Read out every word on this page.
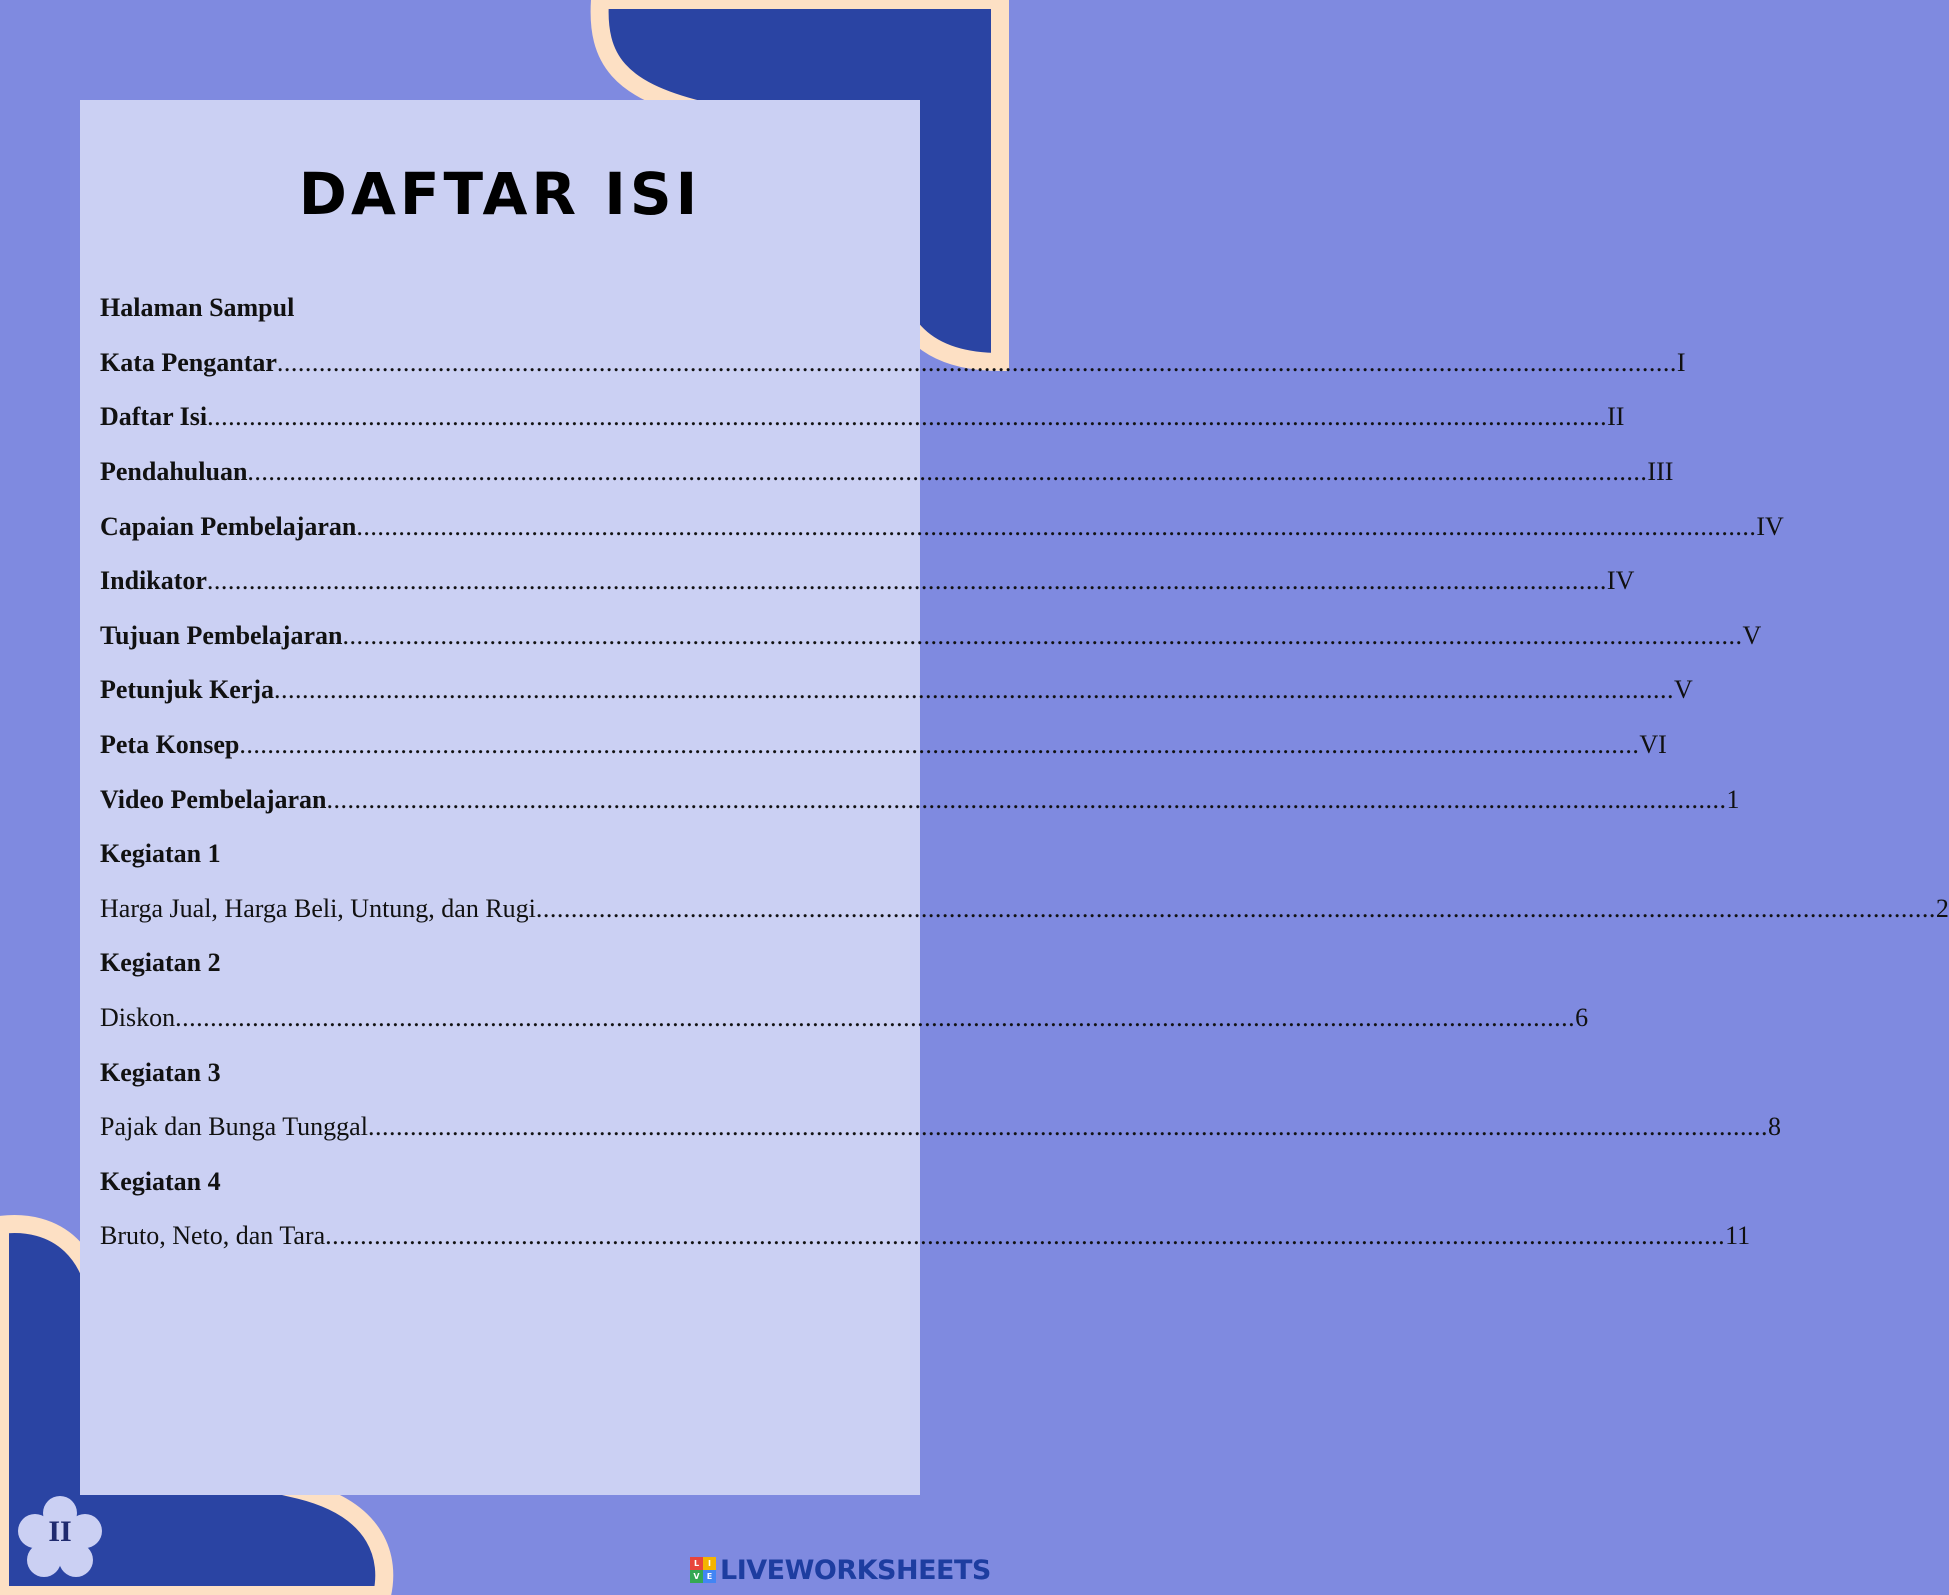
DAFTAR ISI
Halaman Sampul
Kata Pengantar ........................................................................................................................................................................................................ I
Daftar Isi ........................................................................................................................................................................................................ II
Pendahuluan ........................................................................................................................................................................................................ III
Capaian Pembelajaran ........................................................................................................................................................................................................ IV
Indikator ........................................................................................................................................................................................................ IV
Tujuan Pembelajaran ........................................................................................................................................................................................................ V
Petunjuk Kerja ........................................................................................................................................................................................................ V
Peta Konsep ........................................................................................................................................................................................................ VI
Video Pembelajaran ........................................................................................................................................................................................................ 1
Kegiatan 1
Harga Jual, Harga Beli, Untung, dan Rugi ........................................................................................................................................................................................................ 2
Kegiatan 2
Diskon ........................................................................................................................................................................................................ 6
Kegiatan 3
Pajak dan Bunga Tunggal ........................................................................................................................................................................................................ 8
Kegiatan 4
Bruto, Neto, dan Tara ........................................................................................................................................................................................................ 11
II
L	I
V E LIVEWORKSHEETS
